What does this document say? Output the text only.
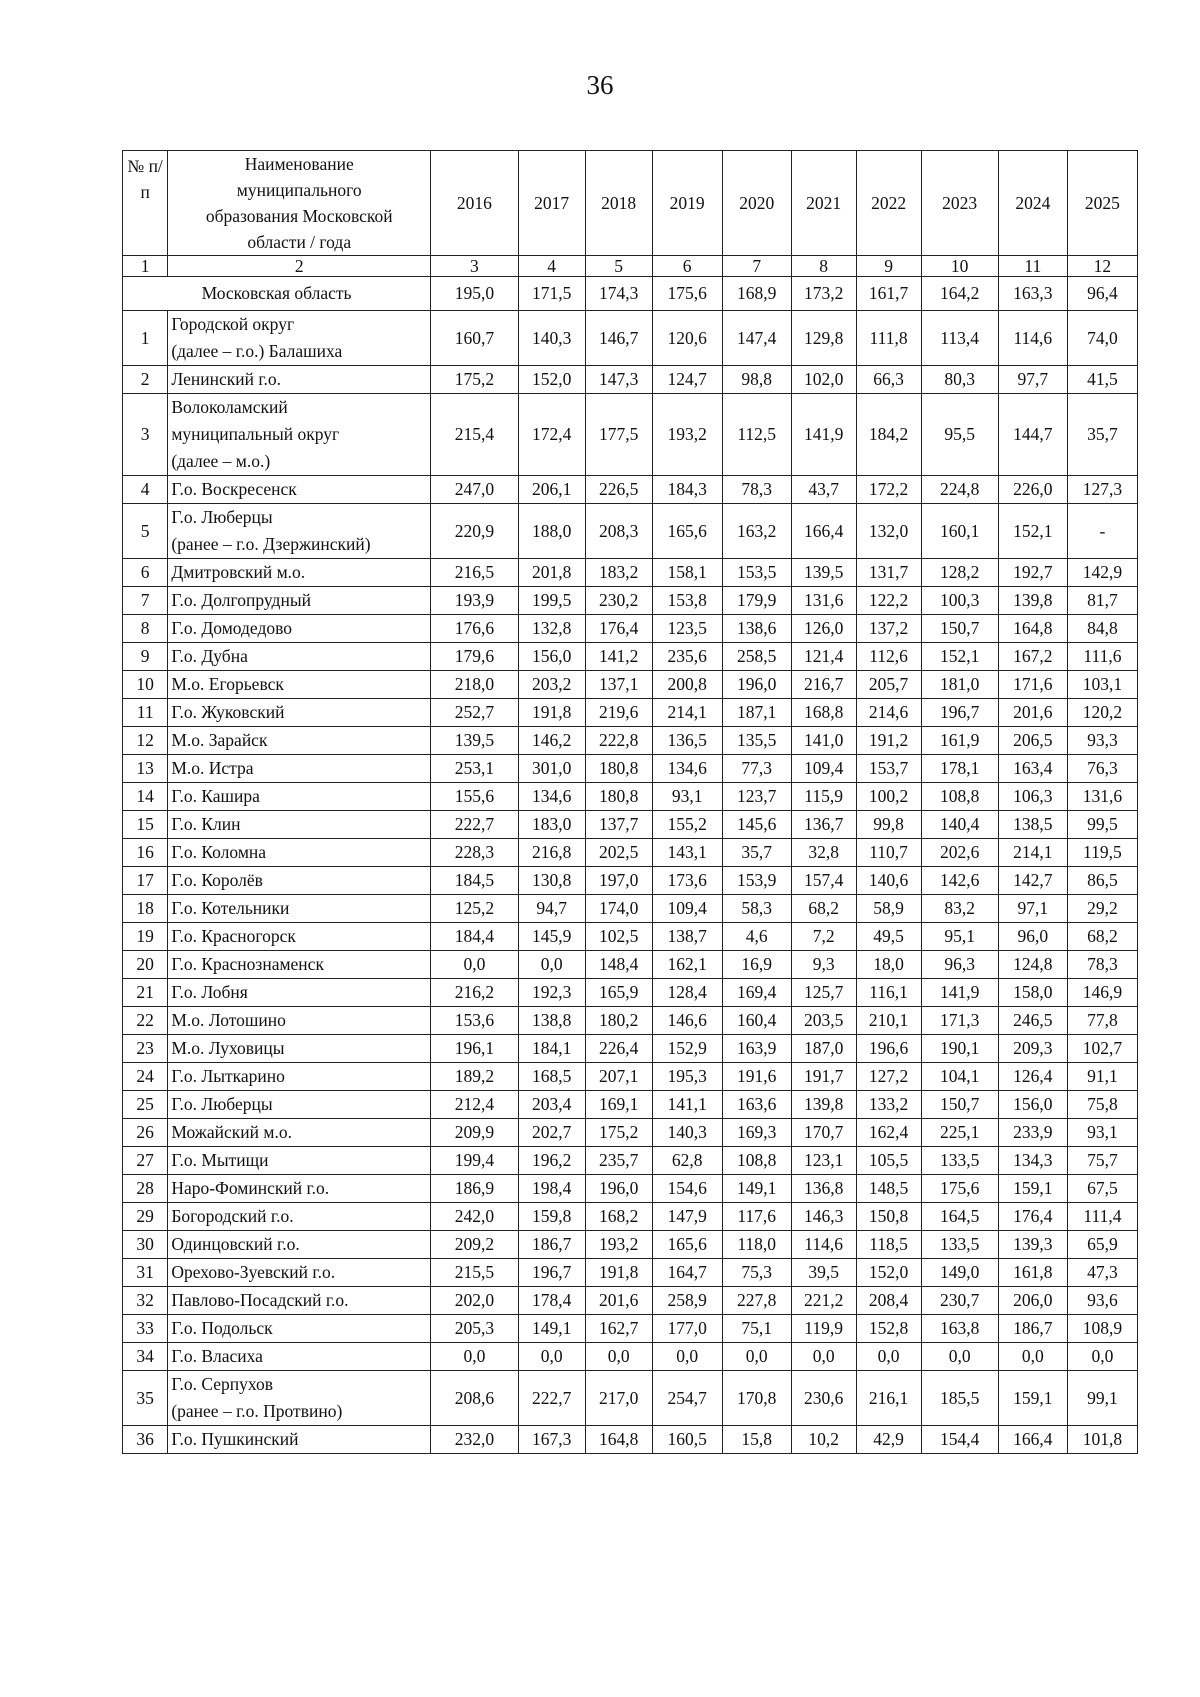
36
№ п/п	Наименование
муниципального
образования Московской
области / года	2016	2017	2018	2019	2020	2021	2022	2023	2024	2025
1	2	3	4	5	6	7	8	9	10	11	12
Московская область		195,0	171,5	174,3	175,6	168,9	173,2	161,7	164,2	163,3	96,4
1	Городской округ
(далее – г.о.) Балашиха	160,7	140,3	146,7	120,6	147,4	129,8	111,8	113,4	114,6	74,0
2	Ленинский г.о.	175,2	152,0	147,3	124,7	98,8	102,0	66,3	80,3	97,7	41,5
3	Волоколамский
муниципальный округ
(далее – м.о.)	215,4	172,4	177,5	193,2	112,5	141,9	184,2	95,5	144,7	35,7
4	Г.о. Воскресенск	247,0	206,1	226,5	184,3	78,3	43,7	172,2	224,8	226,0	127,3
5	Г.о. Люберцы
(ранее – г.о. Дзержинский)	220,9	188,0	208,3	165,6	163,2	166,4	132,0	160,1	152,1	-
6	Дмитровский м.о.	216,5	201,8	183,2	158,1	153,5	139,5	131,7	128,2	192,7	142,9
7	Г.о. Долгопрудный	193,9	199,5	230,2	153,8	179,9	131,6	122,2	100,3	139,8	81,7
8	Г.о. Домодедово	176,6	132,8	176,4	123,5	138,6	126,0	137,2	150,7	164,8	84,8
9	Г.о. Дубна	179,6	156,0	141,2	235,6	258,5	121,4	112,6	152,1	167,2	111,6
10	М.о. Егорьевск	218,0	203,2	137,1	200,8	196,0	216,7	205,7	181,0	171,6	103,1
11	Г.о. Жуковский	252,7	191,8	219,6	214,1	187,1	168,8	214,6	196,7	201,6	120,2
12	М.о. Зарайск	139,5	146,2	222,8	136,5	135,5	141,0	191,2	161,9	206,5	93,3
13	М.о. Истра	253,1	301,0	180,8	134,6	77,3	109,4	153,7	178,1	163,4	76,3
14	Г.о. Кашира	155,6	134,6	180,8	93,1	123,7	115,9	100,2	108,8	106,3	131,6
15	Г.о. Клин	222,7	183,0	137,7	155,2	145,6	136,7	99,8	140,4	138,5	99,5
16	Г.о. Коломна	228,3	216,8	202,5	143,1	35,7	32,8	110,7	202,6	214,1	119,5
17	Г.о. Королёв	184,5	130,8	197,0	173,6	153,9	157,4	140,6	142,6	142,7	86,5
18	Г.о. Котельники	125,2	94,7	174,0	109,4	58,3	68,2	58,9	83,2	97,1	29,2
19	Г.о. Красногорск	184,4	145,9	102,5	138,7	4,6	7,2	49,5	95,1	96,0	68,2
20	Г.о. Краснознаменск	0,0	0,0	148,4	162,1	16,9	9,3	18,0	96,3	124,8	78,3
21	Г.о. Лобня	216,2	192,3	165,9	128,4	169,4	125,7	116,1	141,9	158,0	146,9
22	М.о. Лотошино	153,6	138,8	180,2	146,6	160,4	203,5	210,1	171,3	246,5	77,8
23	М.о. Луховицы	196,1	184,1	226,4	152,9	163,9	187,0	196,6	190,1	209,3	102,7
24	Г.о. Лыткарино	189,2	168,5	207,1	195,3	191,6	191,7	127,2	104,1	126,4	91,1
25	Г.о. Люберцы	212,4	203,4	169,1	141,1	163,6	139,8	133,2	150,7	156,0	75,8
26	Можайский м.о.	209,9	202,7	175,2	140,3	169,3	170,7	162,4	225,1	233,9	93,1
27	Г.о. Мытищи	199,4	196,2	235,7	62,8	108,8	123,1	105,5	133,5	134,3	75,7
28	Наро-Фоминский г.о.	186,9	198,4	196,0	154,6	149,1	136,8	148,5	175,6	159,1	67,5
29	Богородский г.о.	242,0	159,8	168,2	147,9	117,6	146,3	150,8	164,5	176,4	111,4
30	Одинцовский г.о.	209,2	186,7	193,2	165,6	118,0	114,6	118,5	133,5	139,3	65,9
31	Орехово-Зуевский г.о.	215,5	196,7	191,8	164,7	75,3	39,5	152,0	149,0	161,8	47,3
32	Павлово-Посадский г.о.	202,0	178,4	201,6	258,9	227,8	221,2	208,4	230,7	206,0	93,6
33	Г.о. Подольск	205,3	149,1	162,7	177,0	75,1	119,9	152,8	163,8	186,7	108,9
34	Г.о. Власиха	0,0	0,0	0,0	0,0	0,0	0,0	0,0	0,0	0,0	0,0
35	Г.о. Серпухов
(ранее – г.о. Протвино)	208,6	222,7	217,0	254,7	170,8	230,6	216,1	185,5	159,1	99,1
36	Г.о. Пушкинский	232,0	167,3	164,8	160,5	15,8	10,2	42,9	154,4	166,4	101,8
